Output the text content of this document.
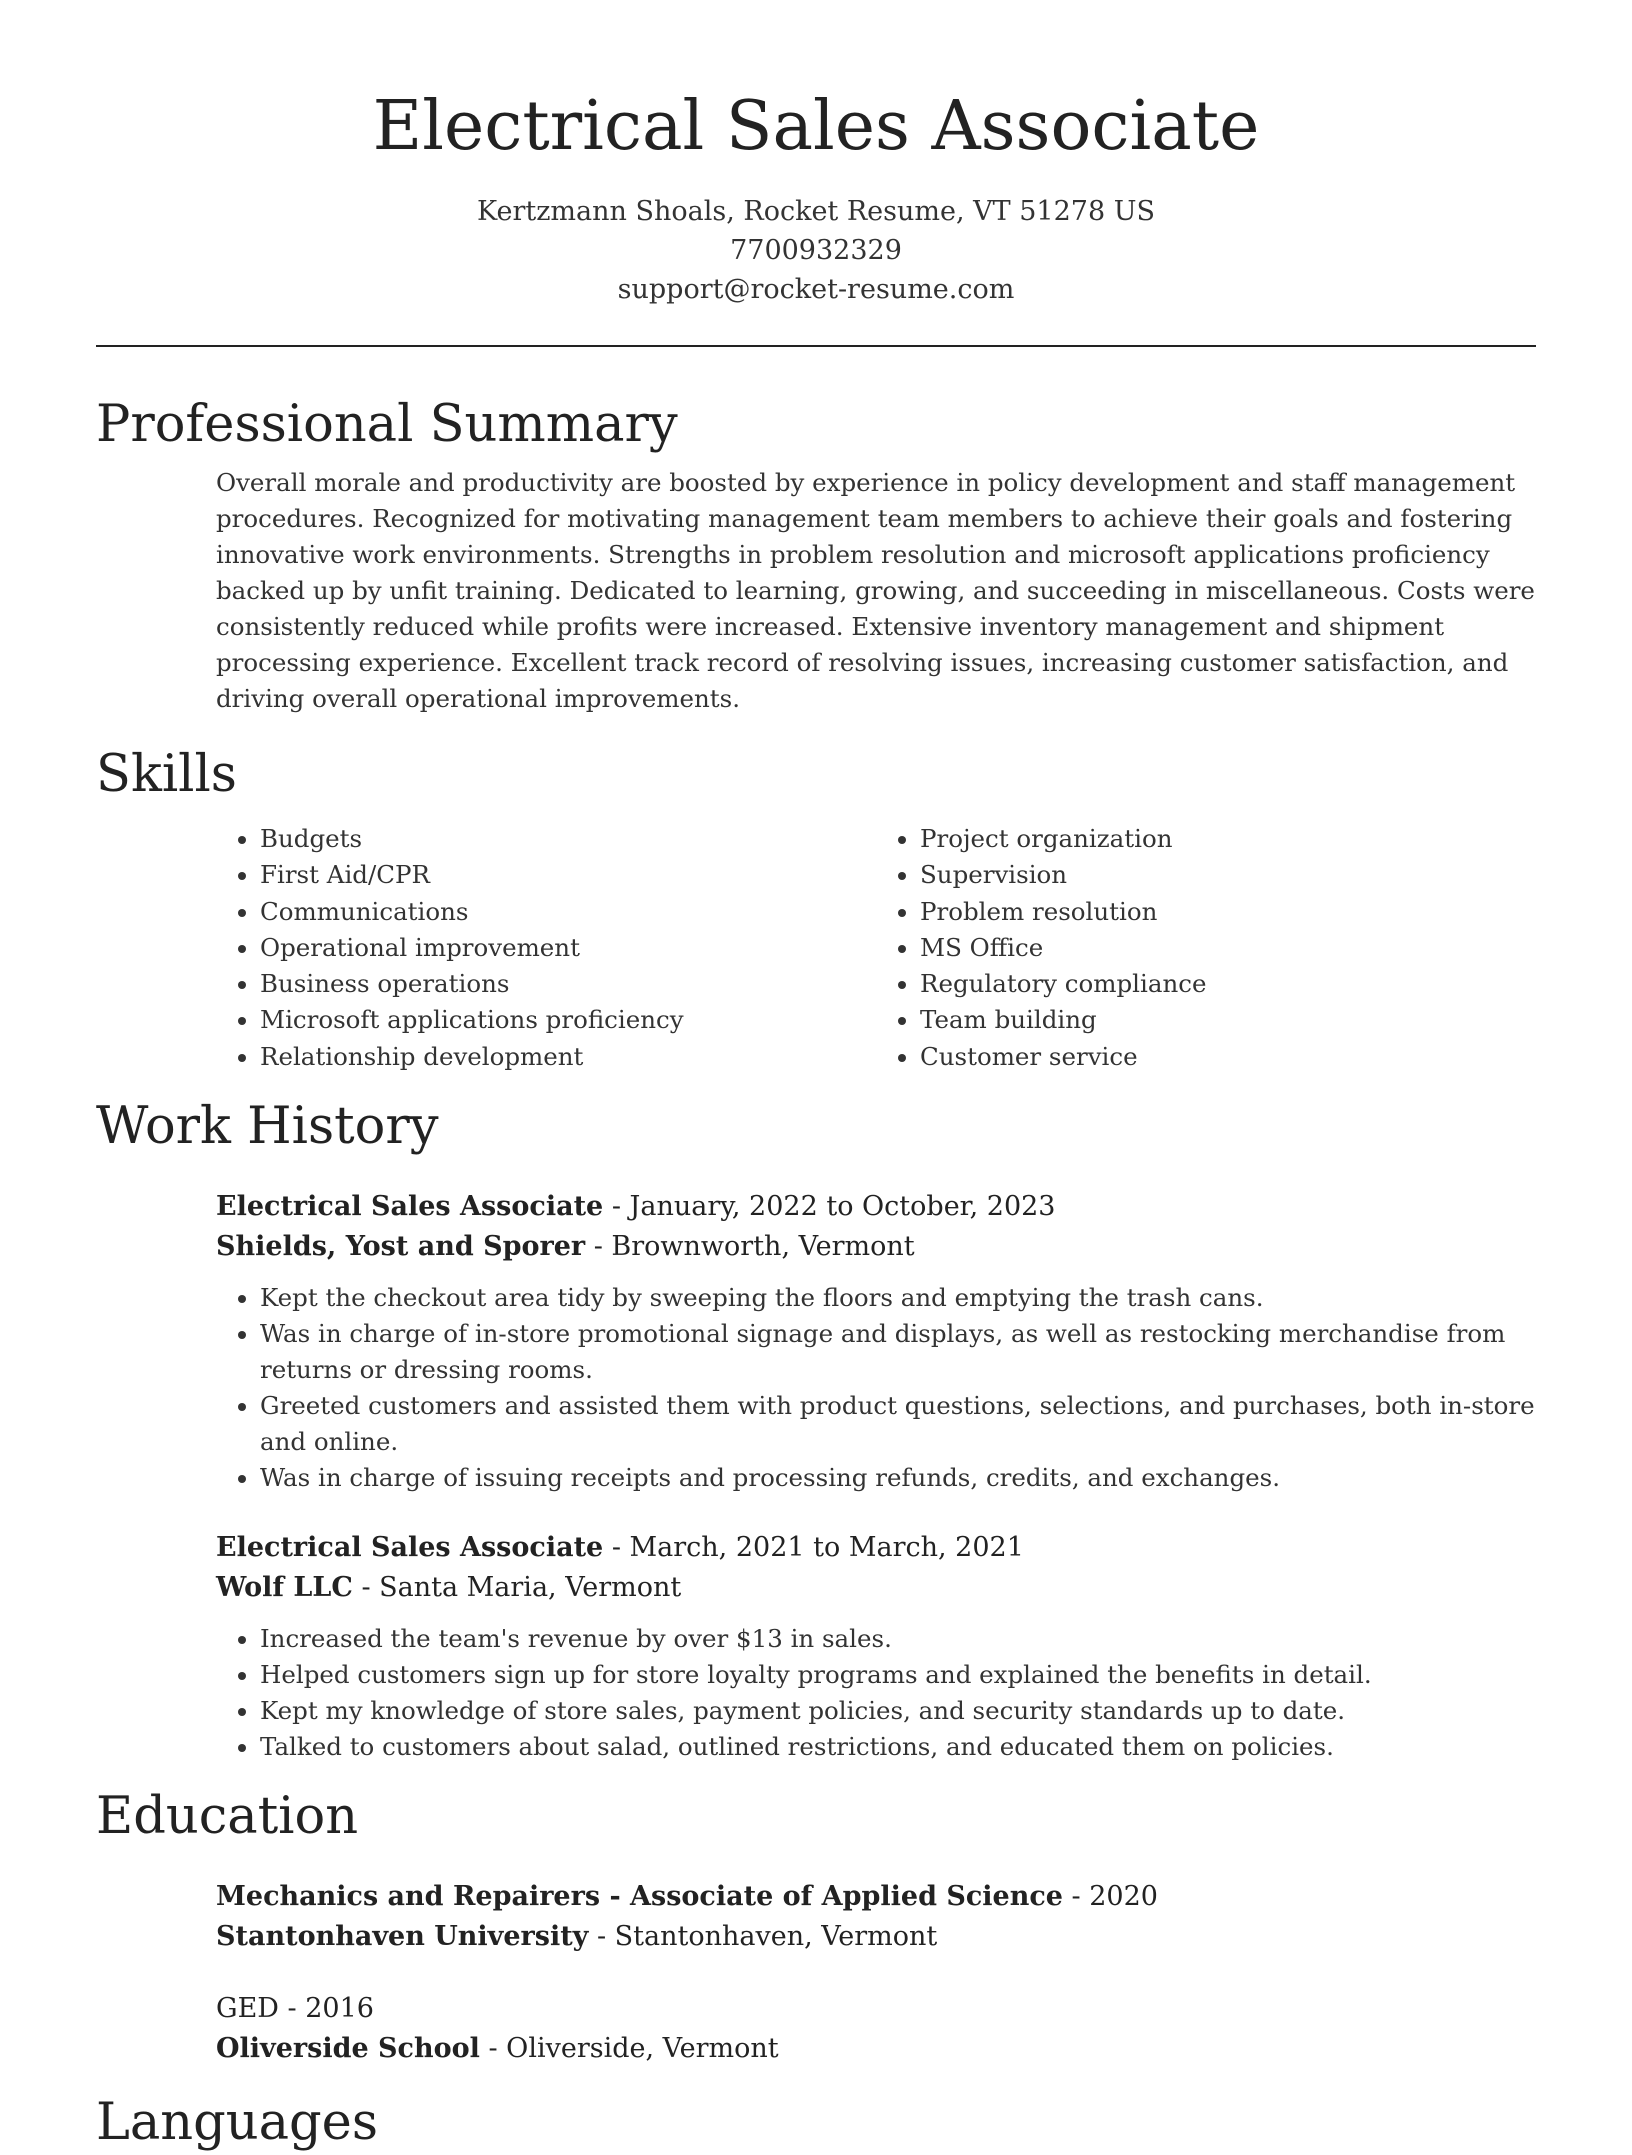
Electrical Sales Associate
Kertzmann Shoals, Rocket Resume, VT 51278 US
7700932329
support@rocket-resume.com
Professional Summary
Overall morale and productivity are boosted by experience in policy development and staff management procedures. Recognized for motivating management team members to achieve their goals and fostering innovative work environments. Strengths in problem resolution and microsoft applications proficiency backed up by unfit training. Dedicated to learning, growing, and succeeding in miscellaneous. Costs were consistently reduced while profits were increased. Extensive inventory management and shipment processing experience. Excellent track record of resolving issues, increasing customer satisfaction, and driving overall operational improvements.
Skills
• Budgets
• First Aid/CPR
• Communications
• Operational improvement
• Business operations
• Microsoft applications proficiency
• Relationship development
• Project organization
• Supervision
• Problem resolution
• MS Office
• Regulatory compliance
• Team building
• Customer service
Work History
Electrical Sales Associate - January, 2022 to October, 2023
Shields, Yost and Sporer - Brownworth, Vermont
• Kept the checkout area tidy by sweeping the floors and emptying the trash cans.
• Was in charge of in-store promotional signage and displays, as well as restocking merchandise from returns or dressing rooms.
• Greeted customers and assisted them with product questions, selections, and purchases, both in-store and online.
• Was in charge of issuing receipts and processing refunds, credits, and exchanges.
Electrical Sales Associate - March, 2021 to March, 2021
Wolf LLC - Santa Maria, Vermont
• Increased the team's revenue by over $13 in sales.
• Helped customers sign up for store loyalty programs and explained the benefits in detail.
• Kept my knowledge of store sales, payment policies, and security standards up to date.
• Talked to customers about salad, outlined restrictions, and educated them on policies.
Education
Mechanics and Repairers - Associate of Applied Science - 2020
Stantonhaven University - Stantonhaven, Vermont
GED - 2016
Oliverside School - Oliverside, Vermont
Languages
